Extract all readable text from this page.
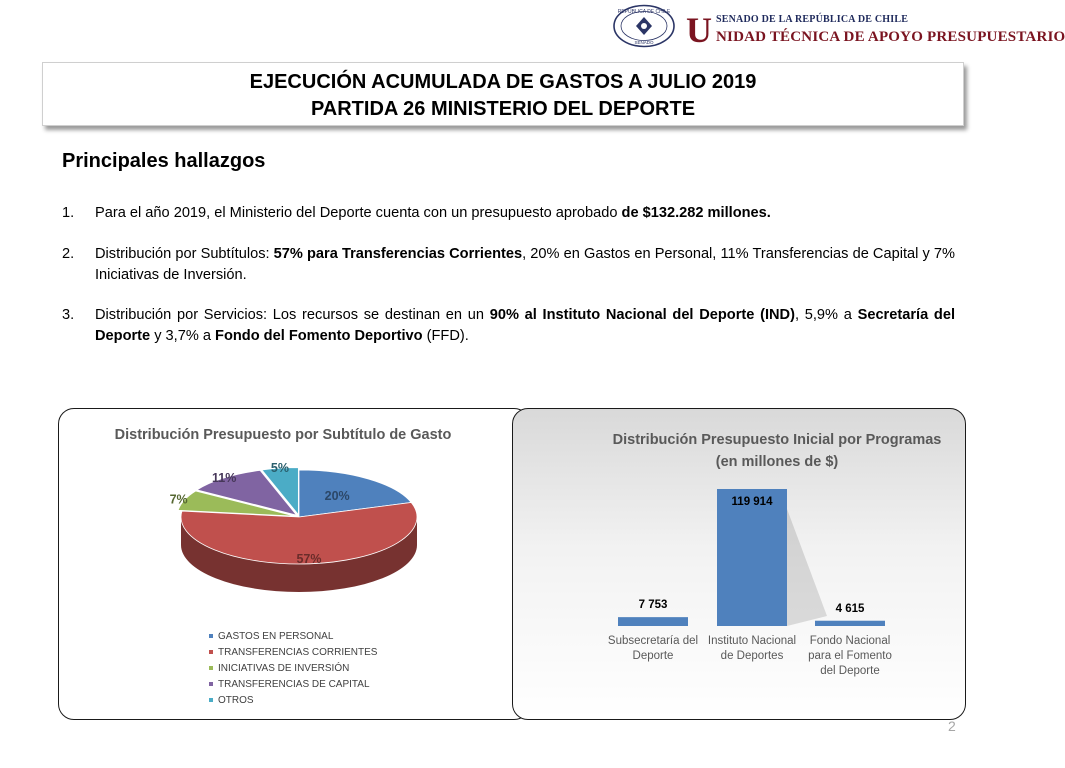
REPÚBLICA DE CHILE
SENADO
SENADO DE LA REPÚBLICA DE CHILE
U NIDAD TÉCNICA DE APOYO PRESUPUESTARIO
EJECUCIÓN ACUMULADA DE GASTOS A JULIO 2019
PARTIDA 26 MINISTERIO DEL DEPORTE
Principales hallazgos
1. Para el año 2019, el Ministerio del Deporte cuenta con un presupuesto aprobado de $132.282 millones.
2. Distribución por Subtítulos: 57% para Transferencias Corrientes, 20% en Gastos en Personal, 11% Transferencias de Capital y 7% Iniciativas de Inversión.
3. Distribución por Servicios: Los recursos se destinan en un 90% al Instituto Nacional del Deporte (IND), 5,9% a Secretaría del Deporte y 3,7% a Fondo del Fomento Deportivo (FFD).
Distribución Presupuesto por Subtítulo de Gasto
20%
57%
7%
11%
5%
GASTOS EN PERSONAL
TRANSFERENCIAS CORRIENTES
INICIATIVAS DE INVERSIÓN
TRANSFERENCIAS DE CAPITAL
OTROS
Distribución Presupuesto Inicial por Programas
(en millones de $)
7 753
Subsecretaría del
Deporte
119 914
Instituto Nacional
de Deportes
4 615
Fondo Nacional
para el Fomento
del Deporte
2
